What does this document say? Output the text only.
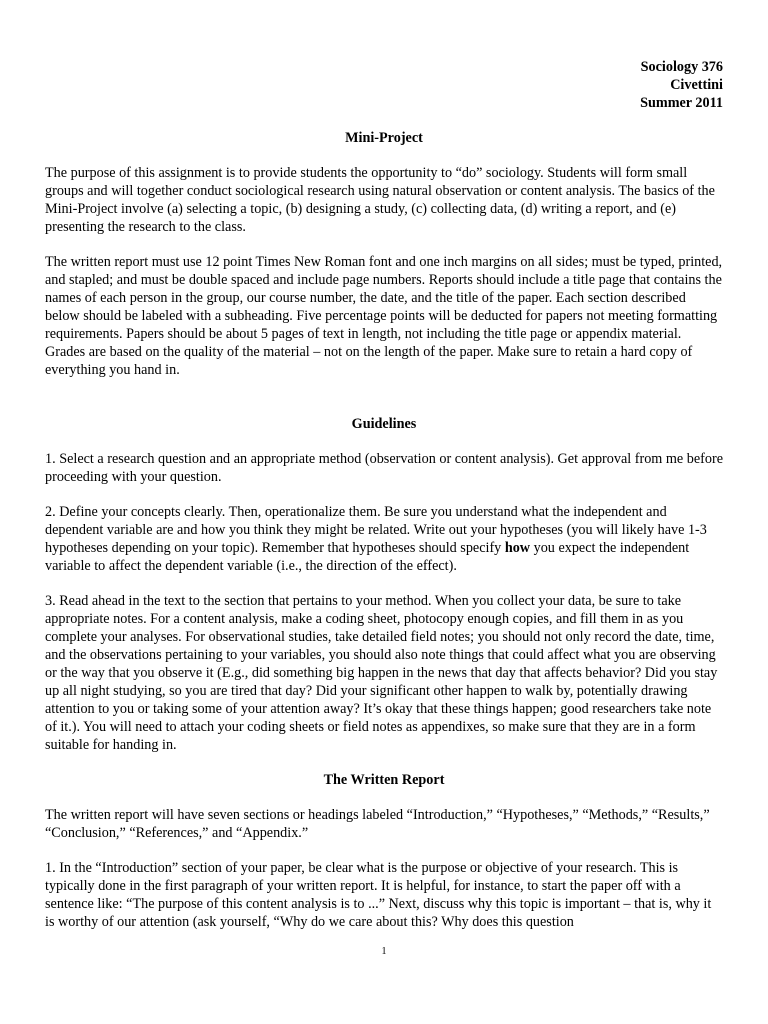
Sociology 376
Civettini
Summer 2011
Mini-Project

The purpose of this assignment is to provide students the opportunity to “do” sociology. Students will form small groups and will together conduct sociological research using natural observation or content analysis. The basics of the Mini-Project involve (a) selecting a topic, (b) designing a study, (c) collecting data, (d) writing a report, and (e) presenting the research to the class.

The written report must use 12 point Times New Roman font and one inch margins on all sides; must be typed, printed, and stapled; and must be double spaced and include page numbers. Reports should include a title page that contains the names of each person in the group, our course number, the date, and the title of the paper. Each section described below should be labeled with a subheading. Five percentage points will be deducted for papers not meeting formatting requirements. Papers should be about 5 pages of text in length, not including the title page or appendix material. Grades are based on the quality of the material – not on the length of the paper. Make sure to retain a hard copy of everything you hand in.

Guidelines

1. Select a research question and an appropriate method (observation or content analysis). Get approval from me before proceeding with your question.

2. Define your concepts clearly. Then, operationalize them. Be sure you understand what the independent and dependent variable are and how you think they might be related. Write out your hypotheses (you will likely have 1-3 hypotheses depending on your topic). Remember that hypotheses should specify how you expect the independent variable to affect the dependent variable (i.e., the direction of the effect).

3. Read ahead in the text to the section that pertains to your method. When you collect your data, be sure to take appropriate notes. For a content analysis, make a coding sheet, photocopy enough copies, and fill them in as you complete your analyses. For observational studies, take detailed field notes; you should not only record the date, time, and the observations pertaining to your variables, you should also note things that could affect what you are observing or the way that you observe it (E.g., did something big happen in the news that day that affects behavior? Did you stay up all night studying, so you are tired that day? Did your significant other happen to walk by, potentially drawing attention to you or taking some of your attention away? It’s okay that these things happen; good researchers take note of it.). You will need to attach your coding sheets or field notes as appendixes, so make sure that they are in a form suitable for handing in.

The Written Report

The written report will have seven sections or headings labeled “Introduction,” “Hypotheses,” “Methods,” “Results,” “Conclusion,” “References,” and “Appendix.”

1. In the “Introduction” section of your paper, be clear what is the purpose or objective of your research. This is typically done in the first paragraph of your written report. It is helpful, for instance, to start the paper off with a sentence like: “The purpose of this content analysis is to ...” Next, discuss why this topic is important – that is, why it is worthy of our attention (ask yourself, “Why do we care about this? Why does this question

1
